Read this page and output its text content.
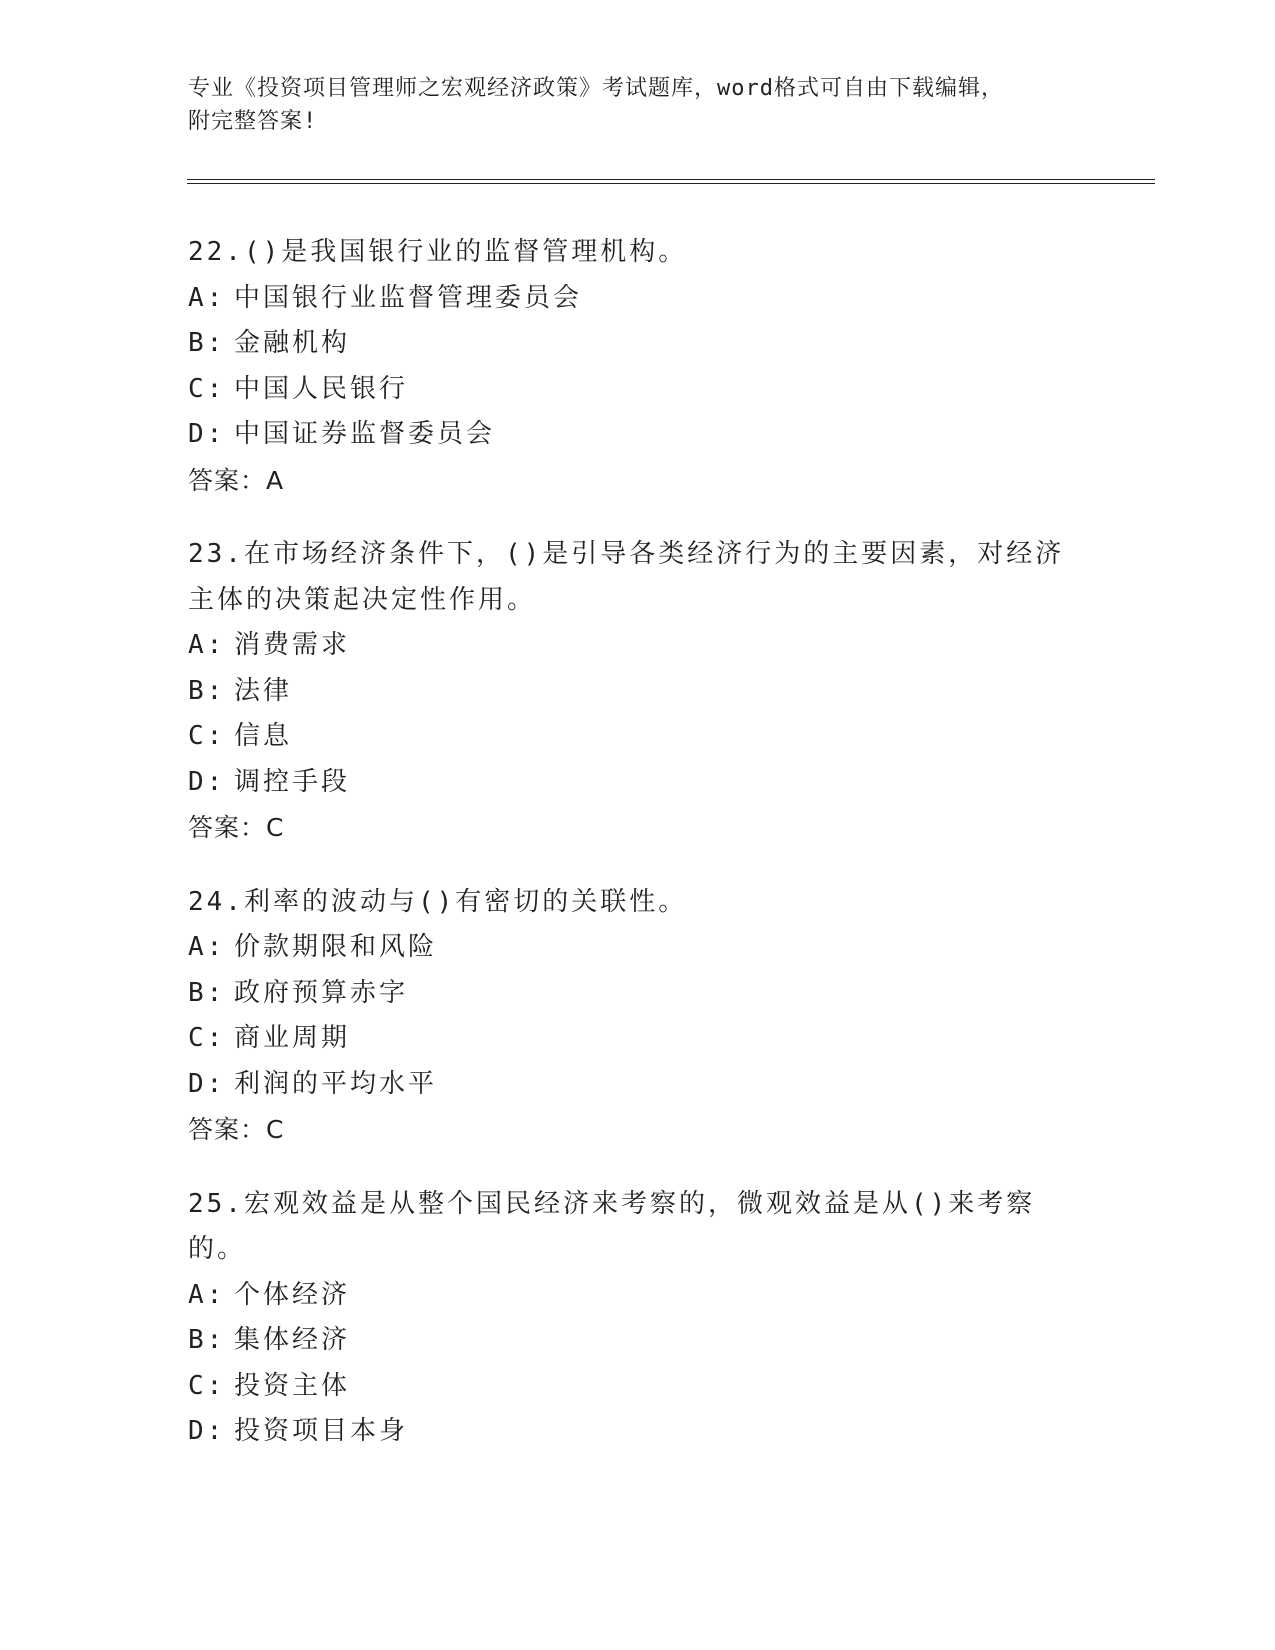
专业《投资项目管理师之宏观经济政策》考试题库，word格式可自由下载编辑，
附完整答案!
22.()是我国银行业的监督管理机构。
A: 中国银行业监督管理委员会
B: 金融机构
C: 中国人民银行
D: 中国证券监督委员会
答案：A
23.在市场经济条件下，()是引导各类经济行为的主要因素，对经济主体的决策起决定性作用。
A: 消费需求
B: 法律
C: 信息
D: 调控手段
答案：C
24.利率的波动与()有密切的关联性。
A: 价款期限和风险
B: 政府预算赤字
C: 商业周期
D: 利润的平均水平
答案：C
25.宏观效益是从整个国民经济来考察的，微观效益是从()来考察的。
A: 个体经济
B: 集体经济
C: 投资主体
D: 投资项目本身
